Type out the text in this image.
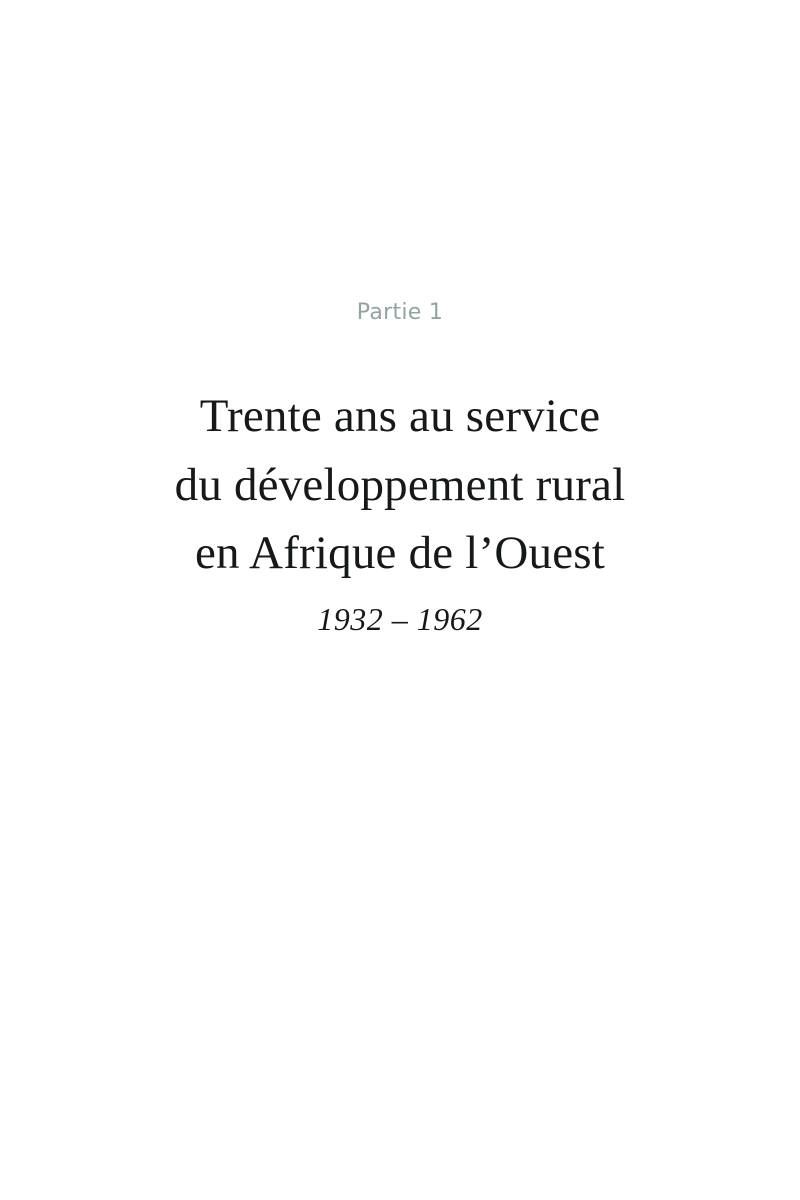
Partie 1
Trente ans au service
du développement rural
en Afrique de l’Ouest
1932 – 1962
